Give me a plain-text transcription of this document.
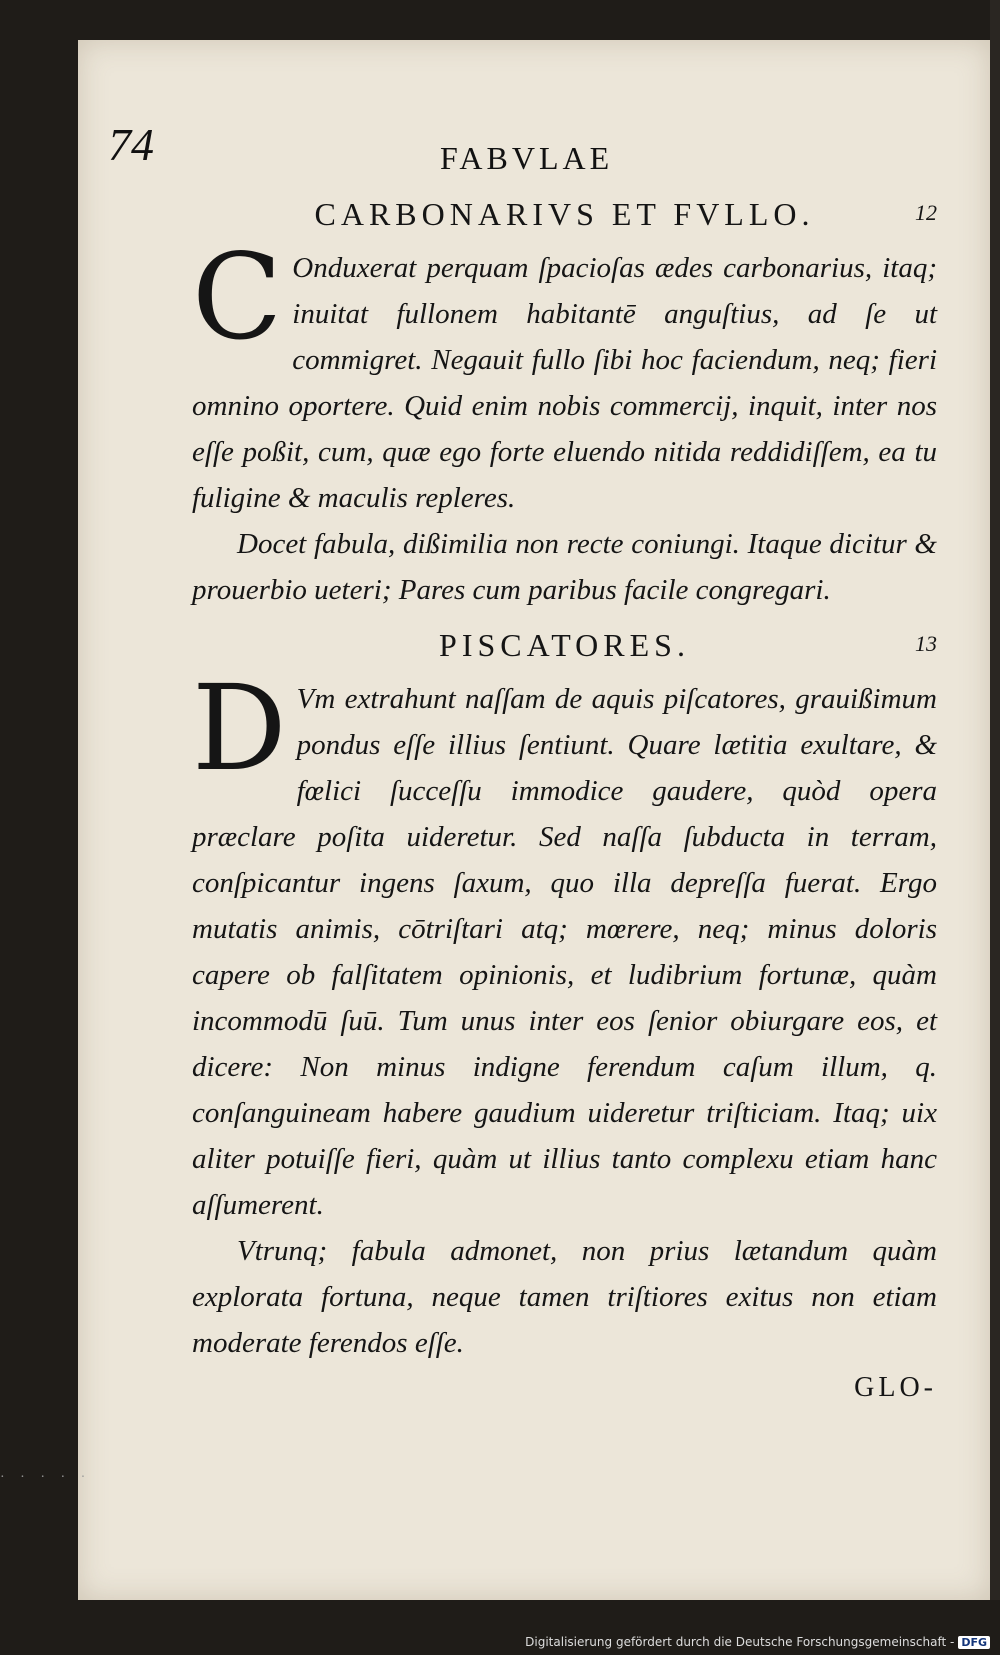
· · · · ·
74	FABVLAE
CARBONARIVS ET FVLLO.	12

C Onduxerat perquam ſpacioſas ædes carbonarius, itaq; inuitat fullonem habitantē anguſtius, ad ſe ut commigret. Negauit fullo ſibi hoc faciendum, neq; fieri omnino oportere. Quid enim nobis commercij, inquit, inter nos eſſe poßit, cum, quæ ego forte eluendo nitida reddidiſſem, ea tu fuligine & maculis repleres.

Docet fabula, dißimilia non recte coniungi. Itaque dicitur & prouerbio ueteri; Pares cum paribus facile congregari.

PISCATORES.	13

D Vm extrahunt naſſam de aquis piſcatores, grauißimum pondus eſſe illius ſentiunt. Quare lætitia exultare, & fœlici ſucceſſu immodice gaudere, quòd opera præclare poſita uideretur. Sed naſſa ſubducta in terram, conſpicantur ingens ſaxum, quo illa depreſſa fuerat. Ergo mutatis animis, cōtriſtari atq; mœrere, neq; minus doloris capere ob falſitatem opinionis, et ludibrium fortunæ, quàm incommodū ſuū. Tum unus inter eos ſenior obiurgare eos, et dicere: Non minus indigne ferendum caſum illum, q. conſanguineam habere gaudium uideretur triſticiam. Itaq; uix aliter potuiſſe fieri, quàm ut illius tanto complexu etiam hanc aſſumerent.

Vtrunq; fabula admonet, non prius lætandum quàm explorata fortuna, neque tamen triſtiores exitus non etiam moderate ferendos eſſe.

GLO-
Digitalisierung gefördert durch die Deutsche Forschungsgemeinschaft - DFG
